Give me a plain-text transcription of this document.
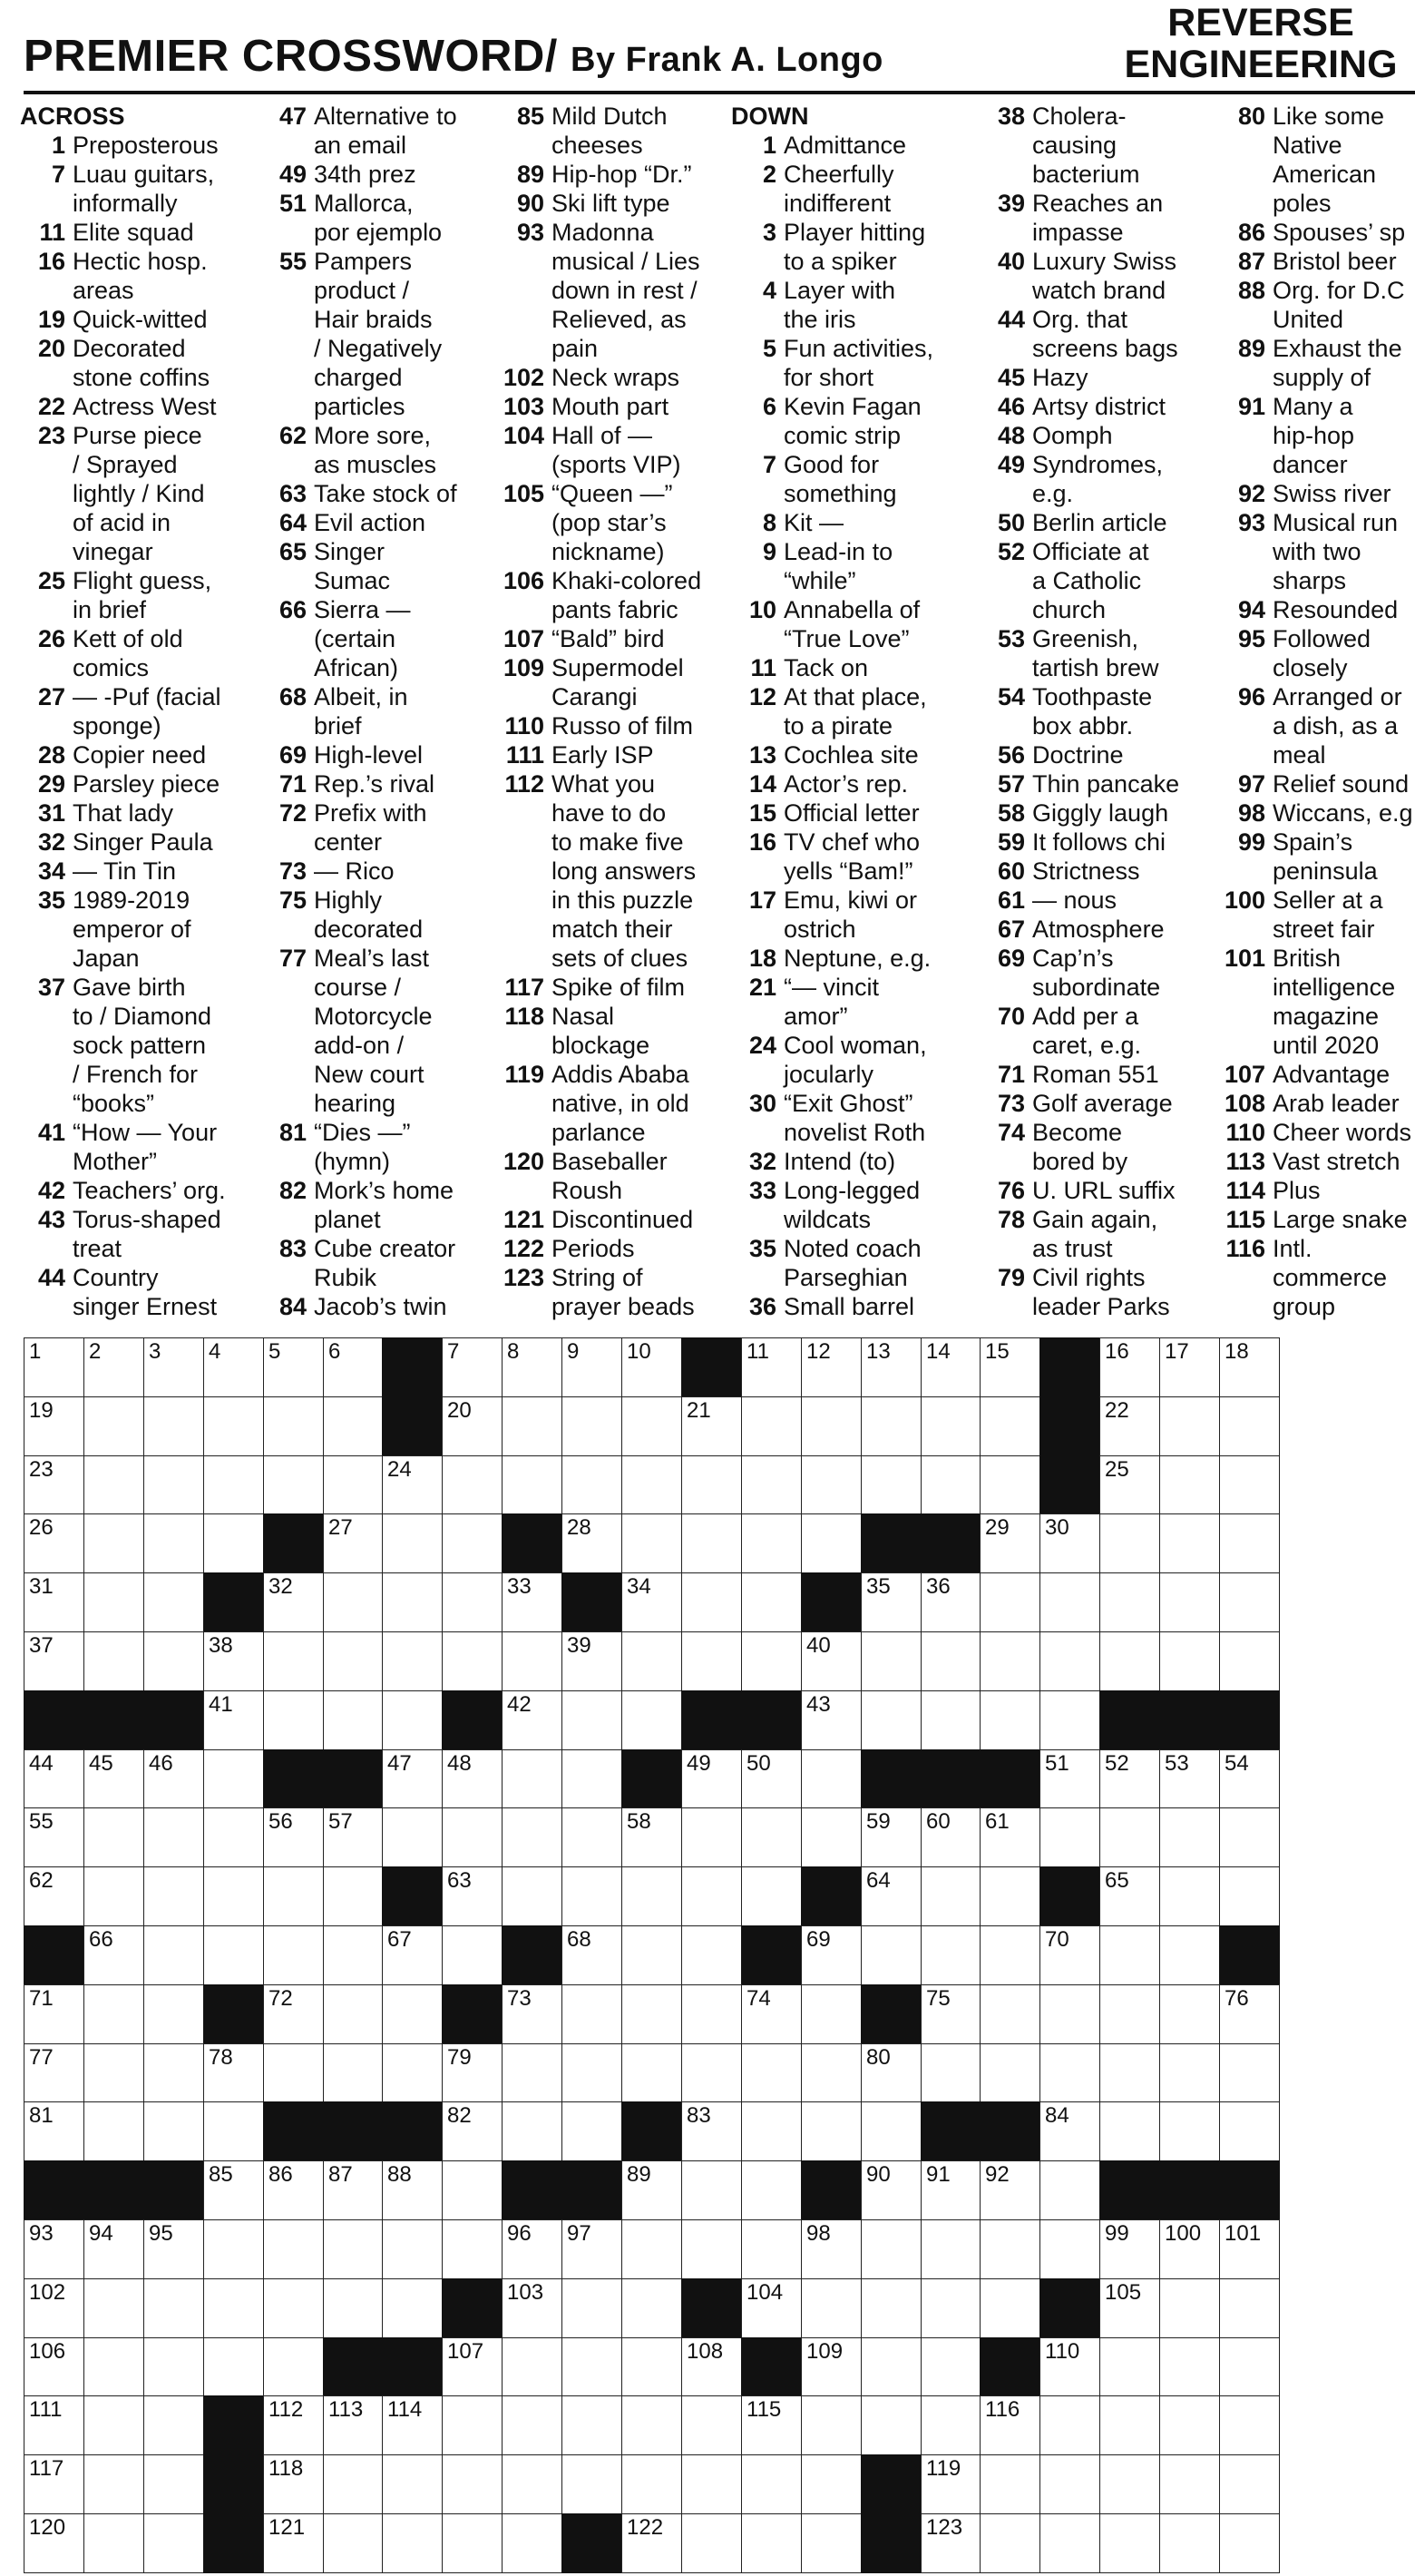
PREMIER CROSSWORD/ By Frank A. Longo
REVERSE
ENGINEERING
ACROSS
1 Preposterous
7 Luau guitars,
informally
11 Elite squad
16 Hectic hosp.
areas
19 Quick-witted
20 Decorated
stone coffins
22 Actress West
23 Purse piece
/ Sprayed
lightly / Kind
of acid in
vinegar
25 Flight guess,
in brief
26 Kett of old
comics
27 — -Puf (facial
sponge)
28 Copier need
29 Parsley piece
31 That lady
32 Singer Paula
34 — Tin Tin
35 1989-2019
emperor of
Japan
37 Gave birth
to / Diamond
sock pattern
/ French for
“books”
41 “How — Your
Mother”
42 Teachers’ org.
43 Torus-shaped
treat
44 Country
singer Ernest
47 Alternative to
an email
49 34th prez
51 Mallorca,
por ejemplo
55 Pampers
product /
Hair braids
/ Negatively
charged
particles
62 More sore,
as muscles
63 Take stock of
64 Evil action
65 Singer
Sumac
66 Sierra —
(certain
African)
68 Albeit, in
brief
69 High-level
71 Rep.’s rival
72 Prefix with
center
73 — Rico
75 Highly
decorated
77 Meal’s last
course /
Motorcycle
add-on /
New court
hearing
81 “Dies —”
(hymn)
82 Mork’s home
planet
83 Cube creator
Rubik
84 Jacob’s twin
85 Mild Dutch
cheeses
89 Hip-hop “Dr.”
90 Ski lift type
93 Madonna
musical / Lies
down in rest /
Relieved, as
pain
102 Neck wraps
103 Mouth part
104 Hall of —
(sports VIP)
105 “Queen —”
(pop star’s
nickname)
106 Khaki-colored
pants fabric
107 “Bald” bird
109 Supermodel
Carangi
110 Russo of film
111 Early ISP
112 What you
have to do
to make five
long answers
in this puzzle
match their
sets of clues
117 Spike of film
118 Nasal
blockage
119 Addis Ababa
native, in old
parlance
120 Baseballer
Roush
121 Discontinued
122 Periods
123 String of
prayer beads
DOWN
1 Admittance
2 Cheerfully
indifferent
3 Player hitting
to a spiker
4 Layer with
the iris
5 Fun activities,
for short
6 Kevin Fagan
comic strip
7 Good for
something
8 Kit —
9 Lead-in to
“while”
10 Annabella of
“True Love”
11 Tack on
12 At that place,
to a pirate
13 Cochlea site
14 Actor’s rep.
15 Official letter
16 TV chef who
yells “Bam!”
17 Emu, kiwi or
ostrich
18 Neptune, e.g.
21 “— vincit
amor”
24 Cool woman,
jocularly
30 “Exit Ghost”
novelist Roth
32 Intend (to)
33 Long-legged
wildcats
35 Noted coach
Parseghian
36 Small barrel
38 Cholera-
causing
bacterium
39 Reaches an
impasse
40 Luxury Swiss
watch brand
44 Org. that
screens bags
45 Hazy
46 Artsy district
48 Oomph
49 Syndromes,
e.g.
50 Berlin article
52 Officiate at
a Catholic
church
53 Greenish,
tartish brew
54 Toothpaste
box abbr.
56 Doctrine
57 Thin pancake
58 Giggly laugh
59 It follows chi
60 Strictness
61 — nous
67 Atmosphere
69 Cap’n’s
subordinate
70 Add per a
caret, e.g.
71 Roman 551
73 Golf average
74 Become
bored by
76 U. URL suffix
78 Gain again,
as trust
79 Civil rights
leader Parks
80 Like some
Native
American
poles
86 Spouses’ sp
87 Bristol beer
88 Org. for D.C
United
89 Exhaust the
supply of
91 Many a
hip-hop
dancer
92 Swiss river
93 Musical run
with two
sharps
94 Resounded
95 Followed
closely
96 Arranged or
a dish, as a
meal
97 Relief sound
98 Wiccans, e.g
99 Spain’s
peninsula
100 Seller at a
street fair
101 British
intelligence
magazine
until 2020
107 Advantage
108 Arab leader
110 Cheer words
113 Vast stretch
114 Plus
115 Large snake
116 Intl.
commerce
group
1 2 3 4 5 6	7 8 9 10	11 12 13 14 15	16 17 18
19	20	21	22
23	24	25
26	27	28	29 30
31	32	33	34	35 36
37	38	39	40
41	42	43
44 45 46	47 48	49 50	51 52 53 54
55	56 57	58	59 60 61
62	63	64	65
66	67	68	69	70
71	72	73	74	75	76
77	78	79	80
81	82	83	84
85 86 87 88	89	90 91 92
93 94 95	96 97	98	99 100 101
102	103	104	105
106	107	108	109	110
111	112 113 114	115	116
117	118	119
120	121	122	123
